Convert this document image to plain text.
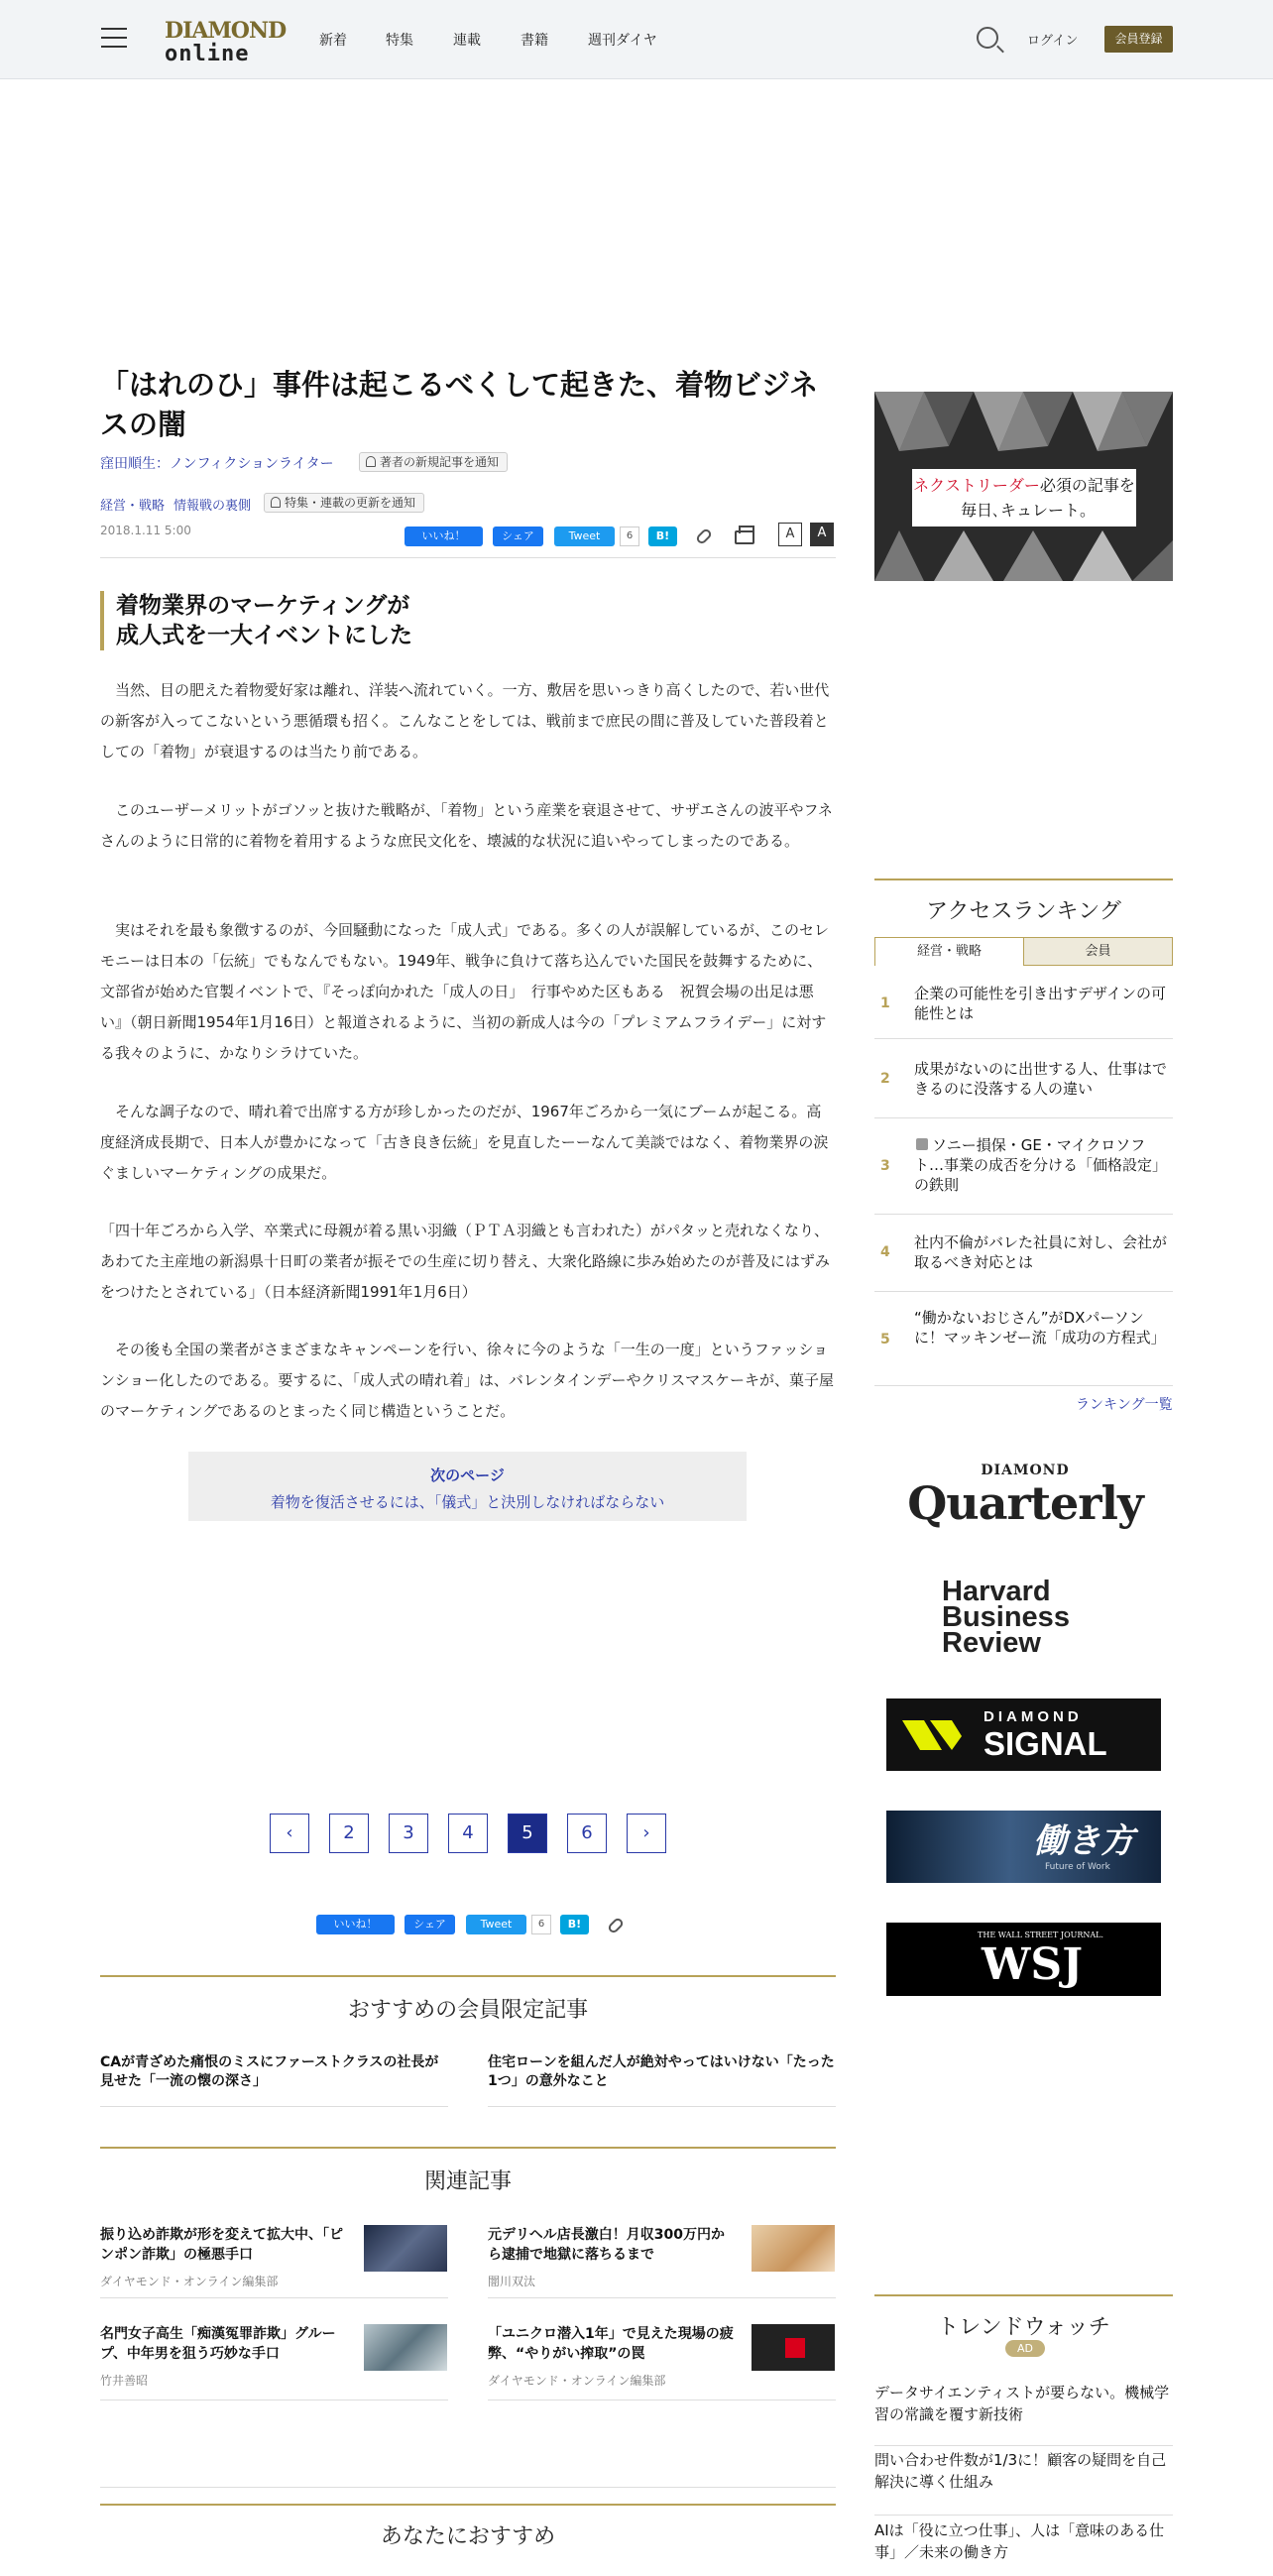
DIAMOND
online
新着	特集	連載	書籍	週刊ダイヤ	ログイン	会員登録
「はれのひ」事件は起こるべくして起きた、着物ビジネスの闇
窪田順生：ノンフィクションライター	著者の新規記事を通知
経営・戦略 情報戦の裏側	特集・連載の更新を通知
2018.1.11 5:00	いいね！	シェア	Tweet	6	B!	A	A
着物業界のマーケティングが
成人式を一大イベントにした

当然、目の肥えた着物愛好家は離れ、洋装へ流れていく。一方、敷居を思いっきり高くしたので、若い世代の新客が入ってこないという悪循環も招く。こんなことをしては、戦前まで庶民の間に普及していた普段着としての「着物」が衰退するのは当たり前である。

このユーザーメリットがゴソッと抜けた戦略が、「着物」という産業を衰退させて、サザエさんの波平やフネさんのように日常的に着物を着用するような庶民文化を、壊滅的な状況に追いやってしまったのである。

実はそれを最も象徴するのが、今回騒動になった「成人式」である。多くの人が誤解しているが、このセレモニーは日本の「伝統」でもなんでもない。1949年、戦争に負けて落ち込んでいた国民を鼓舞するために、文部省が始めた官製イベントで、『そっぽ向かれた「成人の日」　行事やめた区もある　祝賀会場の出足は悪い』（朝日新聞1954年1月16日）と報道されるように、当初の新成人は今の「プレミアムフライデー」に対する我々のように、かなりシラけていた。

そんな調子なので、晴れ着で出席する方が珍しかったのだが、1967年ごろから一気にブームが起こる。高度経済成長期で、日本人が豊かになって「古き良き伝統」を見直したーーなんて美談ではなく、着物業界の涙ぐましいマーケティングの成果だ。

「四十年ごろから入学、卒業式に母親が着る黒い羽織（ＰＴＡ羽織とも言われた）がパタッと売れなくなり、あわてた主産地の新潟県十日町の業者が振そでの生産に切り替え、大衆化路線に歩み始めたのが普及にはずみをつけたとされている」（日本経済新聞1991年1月6日）

その後も全国の業者がさまざまなキャンペーンを行い、徐々に今のような「一生の一度」というファッションショー化したのである。要するに、「成人式の晴れ着」は、バレンタインデーやクリスマスケーキが、菓子屋のマーケティングであるのとまったく同じ構造ということだ。

次のページ
着物を復活させるには、「儀式」と決別しなければならない
‹	2	3	4	5	6	›
いいね！	シェア	Tweet	6	B!
おすすめの会員限定記事
CAが青ざめた痛恨のミスにファーストクラスの社長が見せた「一流の懐の深さ」
住宅ローンを組んだ人が絶対やってはいけない「たった1つ」の意外なこと
関連記事
振り込め詐欺が形を変えて拡大中、「ピンポン詐欺」の極悪手口
ダイヤモンド・オンライン編集部
元デリヘル店長激白！月収300万円から逮捕で地獄に落ちるまで
闇川双汰
名門女子高生「痴漢冤罪詐欺」グループ、中年男を狙う巧妙な手口
竹井善昭
「ユニクロ潜入1年」で見えた現場の疲弊、“やりがい搾取”の罠
ダイヤモンド・オンライン編集部
あなたにおすすめ
ネクストリーダー必須の記事を
毎日､キュレート｡
アクセスランキング
経営・戦略	会員
1
企業の可能性を引き出すデザインの可能性とは
2
成果がないのに出世する人、仕事はできるのに没落する人の違い
3
ソニー損保・GE・マイクロソフト…事業の成否を分ける「価格設定」の鉄則
4
社内不倫がバレた社員に対し、会社が取るべき対応とは
5
“働かないおじさん”がDXパーソンに！マッキンゼー流「成功の方程式」
ランキング一覧
DIAMOND
Quarterly
Harvard
Business
Review
DIAMOND
SIGNAL
働き方
Future of Work
THE WALL STREET JOURNAL.
WSJ
トレンドウォッチ
AD
データサイエンティストが要らない。機械学習の常識を覆す新技術
問い合わせ件数が1/3に！顧客の疑問を自己解決に導く仕組み
AIは「役に立つ仕事」、人は「意味のある仕事」／未来の働き方
